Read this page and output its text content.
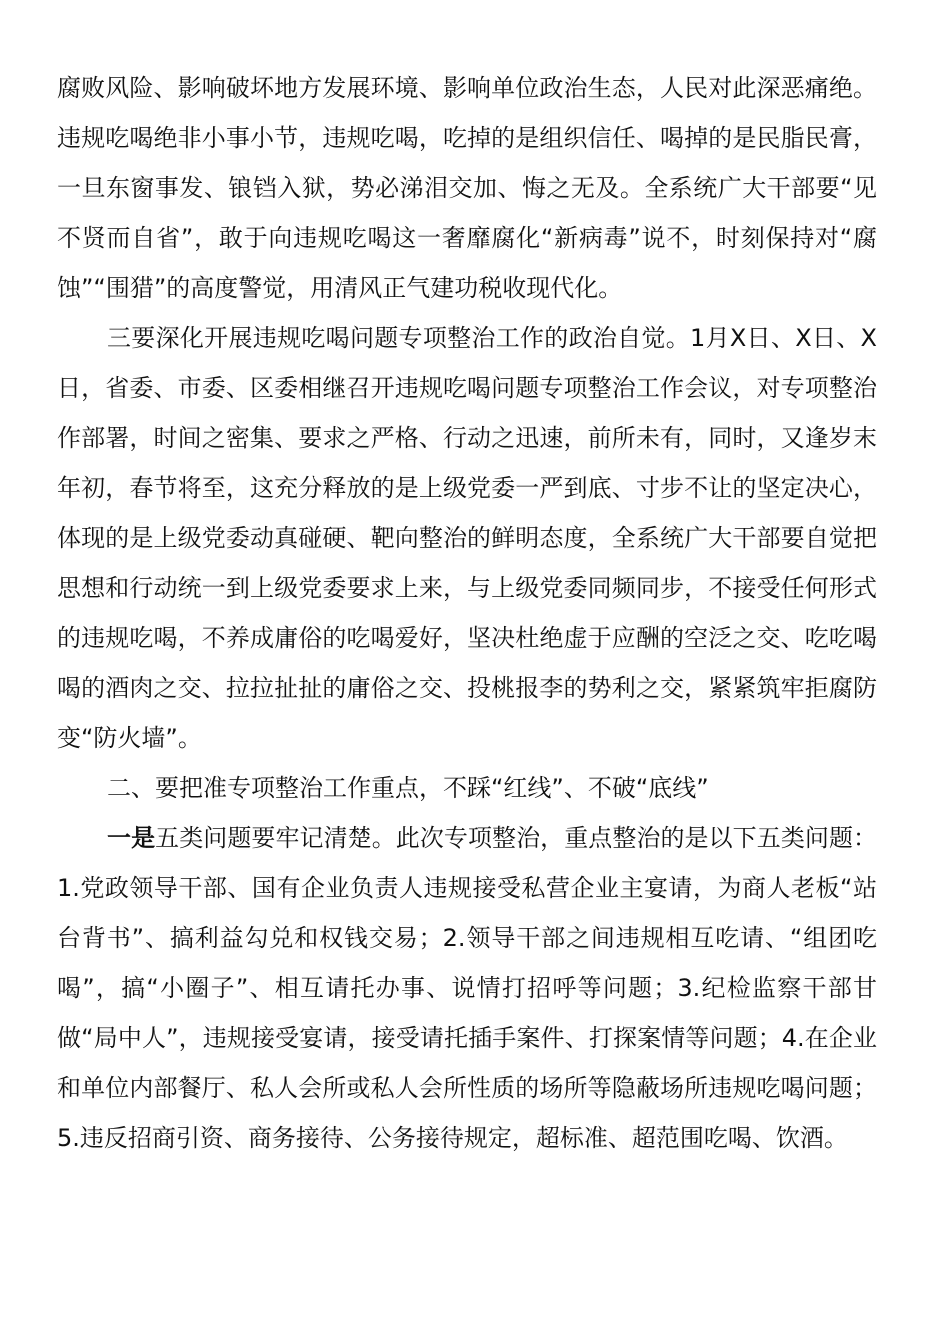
腐败风险、影响破坏地方发展环境、影响单位政治生态，人民对此深恶痛绝。违规吃喝绝非小事小节，违规吃喝，吃掉的是组织信任、喝掉的是民脂民膏，一旦东窗事发、锒铛入狱，势必涕泪交加、悔之无及。全系统广大干部要“见不贤而自省”，敢于向违规吃喝这一奢靡腐化“新病毒”说不，时刻保持对“腐蚀”“围猎”的高度警觉，用清风正气建功税收现代化。

三要深化开展违规吃喝问题专项整治工作的政治自觉。1月X日、X日、X日，省委、市委、区委相继召开违规吃喝问题专项整治工作会议，对专项整治作部署，时间之密集、要求之严格、行动之迅速，前所未有，同时，又逢岁末年初，春节将至，这充分释放的是上级党委一严到底、寸步不让的坚定决心，体现的是上级党委动真碰硬、靶向整治的鲜明态度，全系统广大干部要自觉把思想和行动统一到上级党委要求上来，与上级党委同频同步，不接受任何形式的违规吃喝，不养成庸俗的吃喝爱好，坚决杜绝虚于应酬的空泛之交、吃吃喝喝的酒肉之交、拉拉扯扯的庸俗之交、投桃报李的势利之交，紧紧筑牢拒腐防变“防火墙”。

二、要把准专项整治工作重点，不踩“红线”、不破“底线”

一是五类问题要牢记清楚。此次专项整治，重点整治的是以下五类问题：1.党政领导干部、国有企业负责人违规接受私营企业主宴请，为商人老板“站台背书”、搞利益勾兑和权钱交易；2.领导干部之间违规相互吃请、“组团吃喝”，搞“小圈子”、相互请托办事、说情打招呼等问题；3.纪检监察干部甘做“局中人”，违规接受宴请，接受请托插手案件、打探案情等问题；4.在企业和单位内部餐厅、私人会所或私人会所性质的场所等隐蔽场所违规吃喝问题；5.违反招商引资、商务接待、公务接待规定，超标准、超范围吃喝、饮酒。
